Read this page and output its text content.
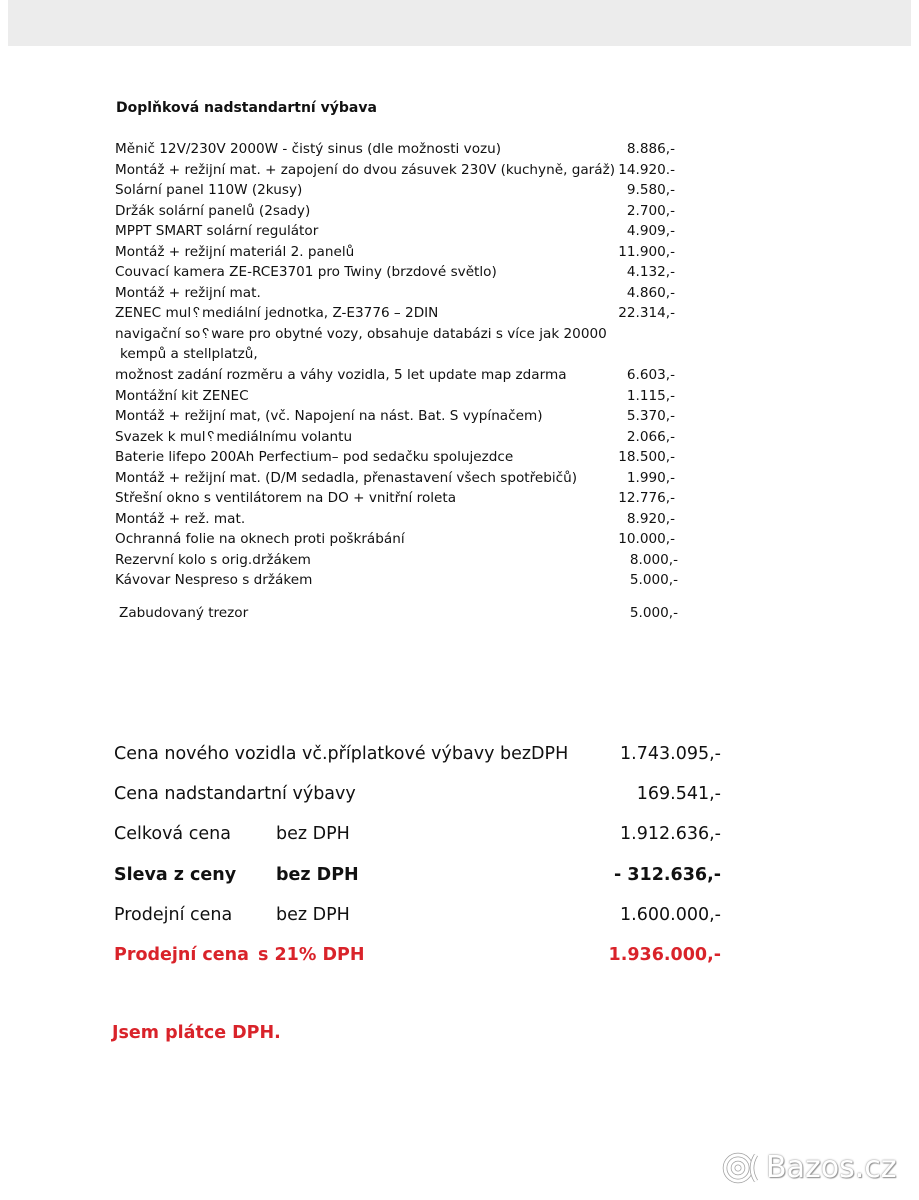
Doplňková nadstandartní výbava
Měnič 12V/230V 2000W - čistý sinus (dle možnosti vozu)	8.886,-
Montáž + režijní mat. + zapojení do dvou zásuvek 230V (kuchyně, garáž) 14.920.-
Solární panel 110W (2kusy)	9.580,-
Držák solární panelů (2sady)	2.700,-
MPPT SMART solární regulátor	4.909,-
Montáž + režijní materiál 2. panelů	11.900,-
Couvací kamera ZE-RCE3701 pro Twiny (brzdové světlo)	4.132,-
Montáž + režijní mat.	4.860,-
ZENEC mul␦mediální jednotka, Z-E3776 – 2DIN	22.314,-
navigační so␦ware pro obytné vozy, obsahuje databázi s více jak 20000
kempů a stellplatzů,
možnost zadání rozměru a váhy vozidla, 5 let update map zdarma	6.603,-
Montážní kit ZENEC	1.115,-
Montáž + režijní mat, (vč. Napojení na nást. Bat. S vypínačem)	5.370,-
Svazek k mul␦mediálnímu volantu	2.066,-
Baterie lifepo 200Ah Perfectium– pod sedačku spolujezdce	18.500,-
Montáž + režijní mat. (D/M sedadla, přenastavení všech spotřebičů)	1.990,-
Střešní okno s ventilátorem na DO + vnitřní roleta	12.776,-
Montáž + rež. mat.	8.920,-
Ochranná folie na oknech proti poškrábání	10.000,-
Rezervní kolo s orig.držákem	8.000,-
Kávovar Nespreso s držákem	5.000,-
Zabudovaný trezor	5.000,-
Cena nového vozidla vč.příplatkové výbavy bezDPH	1.743.095,-
Cena nadstandartní výbavy	169.541,-
Celková cena	bez DPH	1.912.636,-
Sleva z ceny bez DPH	- 312.636,-
Prodejní cena	bez DPH	1.600.000,-
Prodejní cena s 21% DPH	1.936.000,-
Jsem plátce DPH.
Bazos.cz
